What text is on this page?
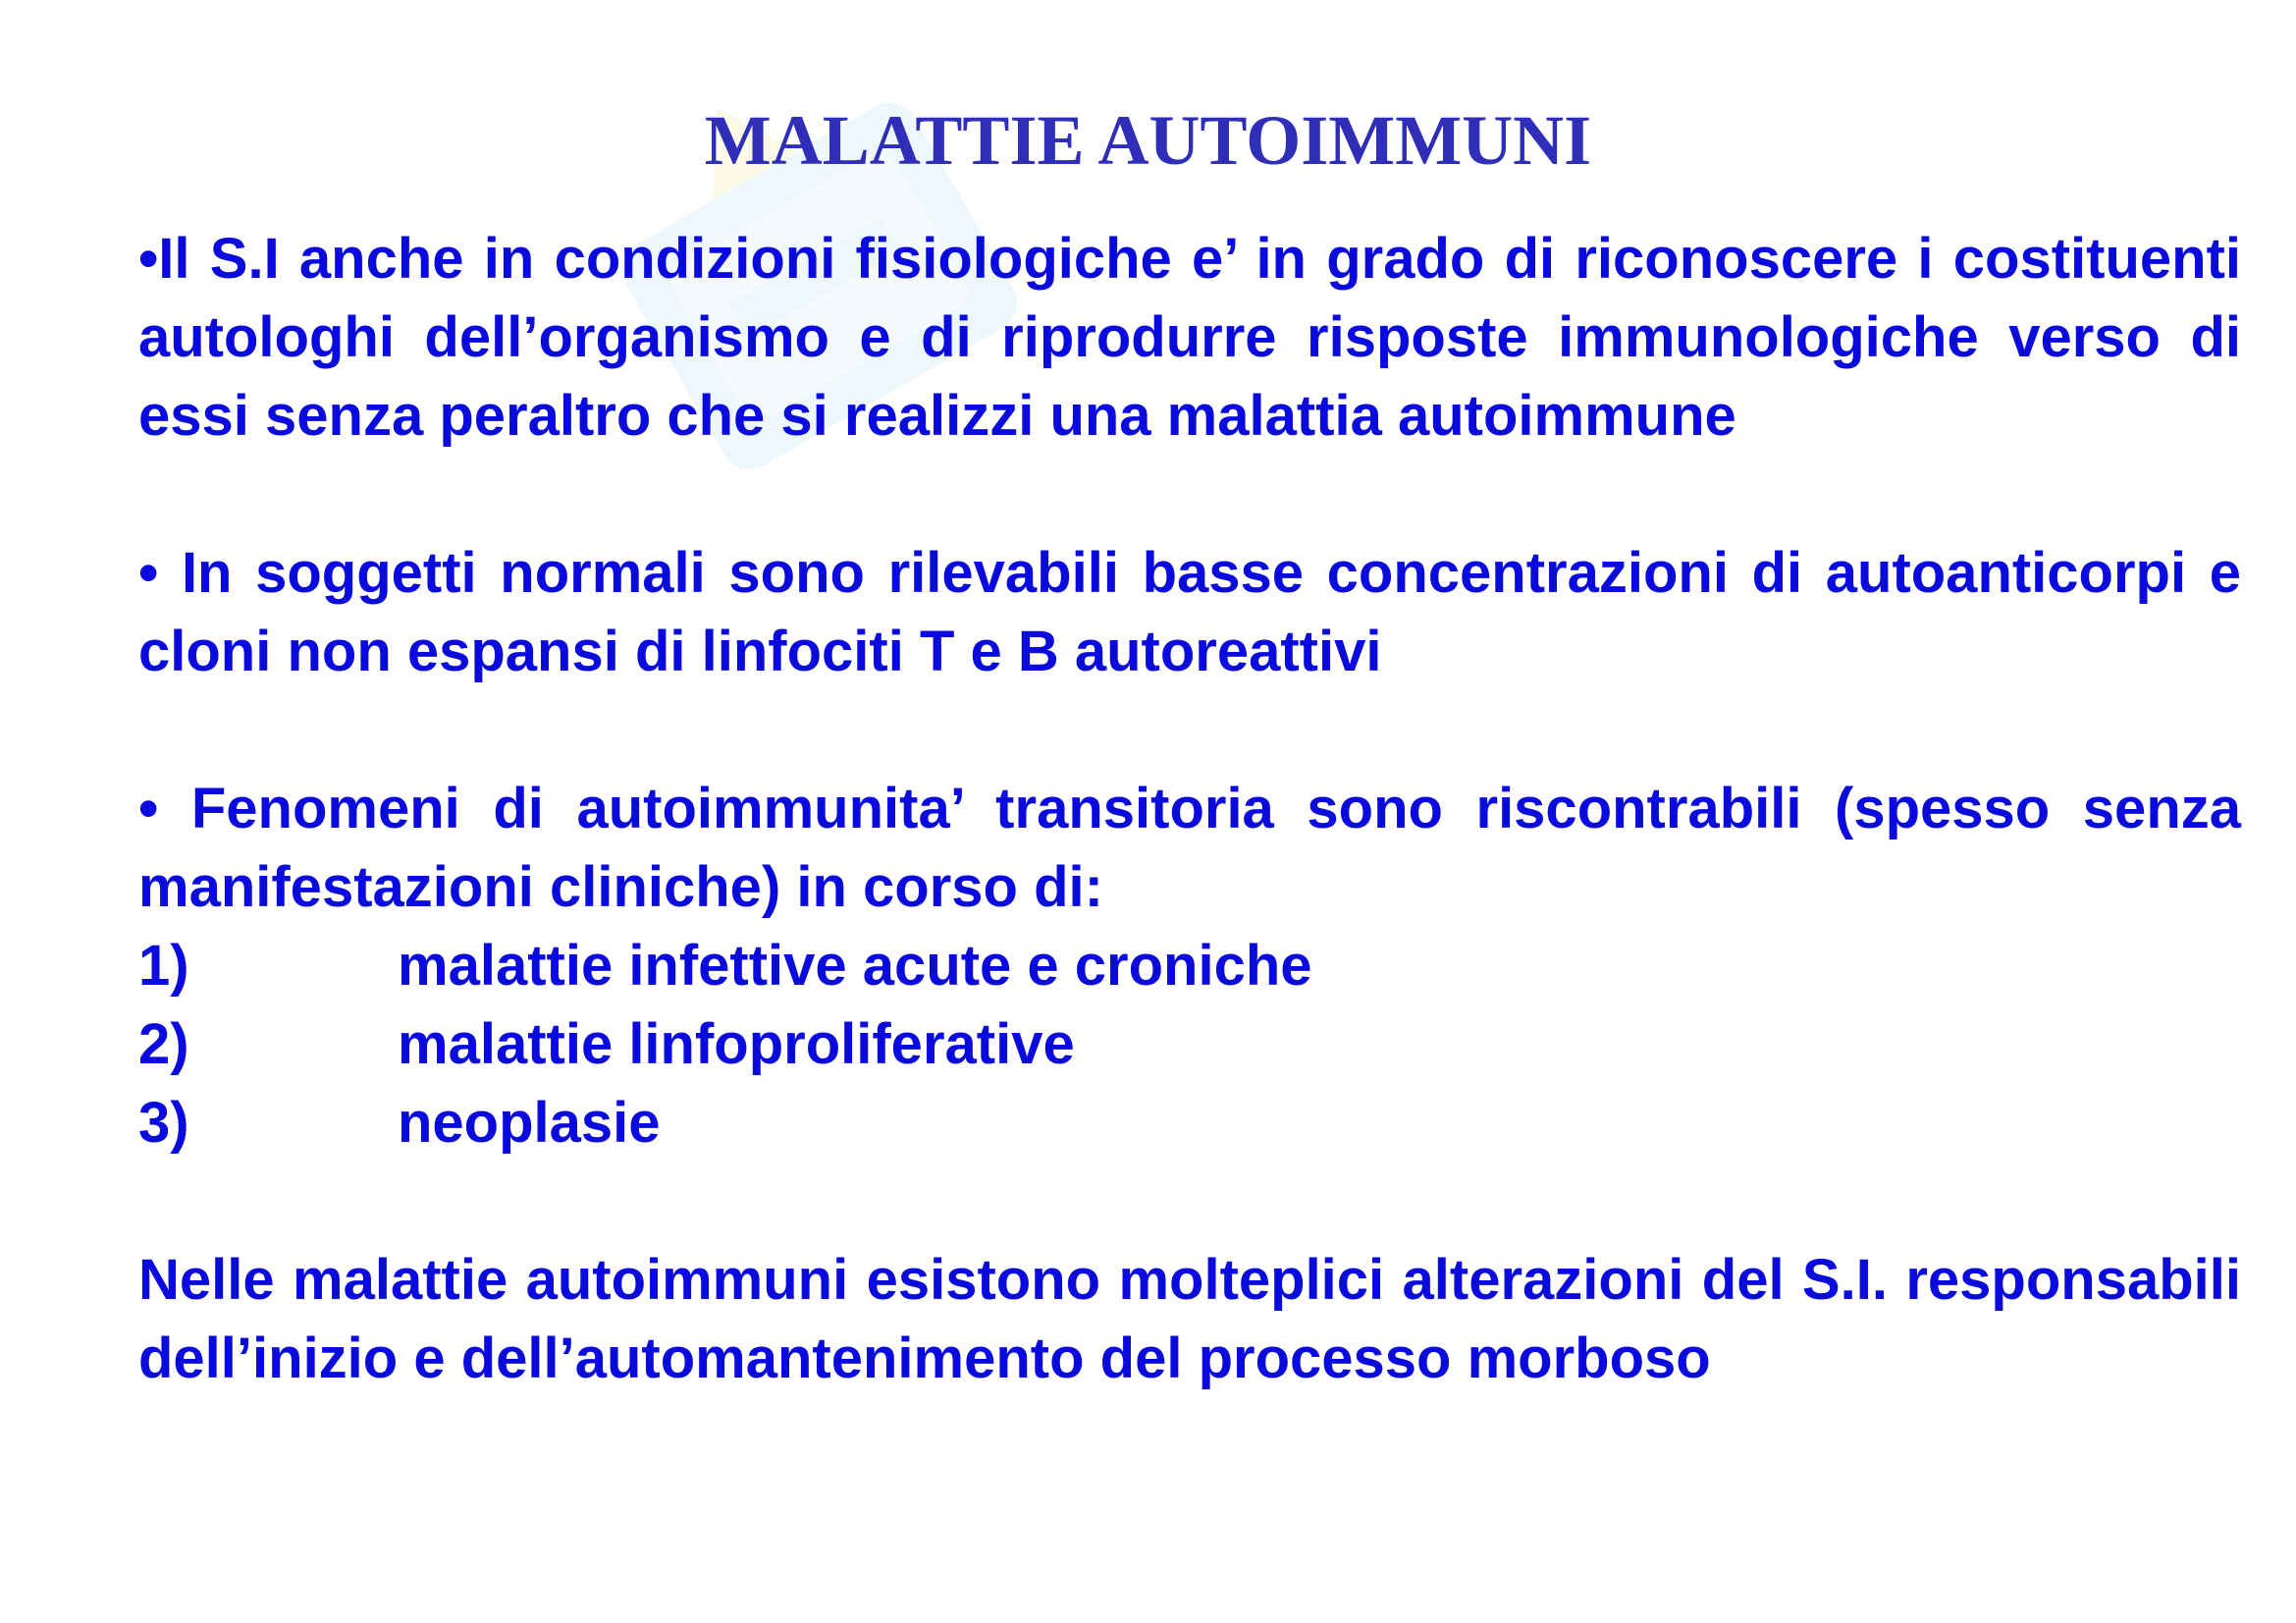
MALATTIE AUTOIMMUNI

•Il S.I anche in condizioni fisiologiche e’ in grado di riconoscere i costituenti autologhi dell’organismo e di riprodurre risposte immunologiche verso di essi senza peraltro che si realizzi una malattia autoimmune

• In soggetti normali sono rilevabili basse concentrazioni di autoanticorpi e cloni non espansi di linfociti T e B autoreattivi

• Fenomeni di autoimmunita’ transitoria sono riscontrabili (spesso senza manifestazioni cliniche) in corso di:

1)	malattie infettive acute e croniche
2)	malattie linfoproliferative
3)	neoplasie

Nelle malattie autoimmuni esistono molteplici alterazioni del S.I. responsabili dell’inizio e dell’automantenimento del processo morboso
